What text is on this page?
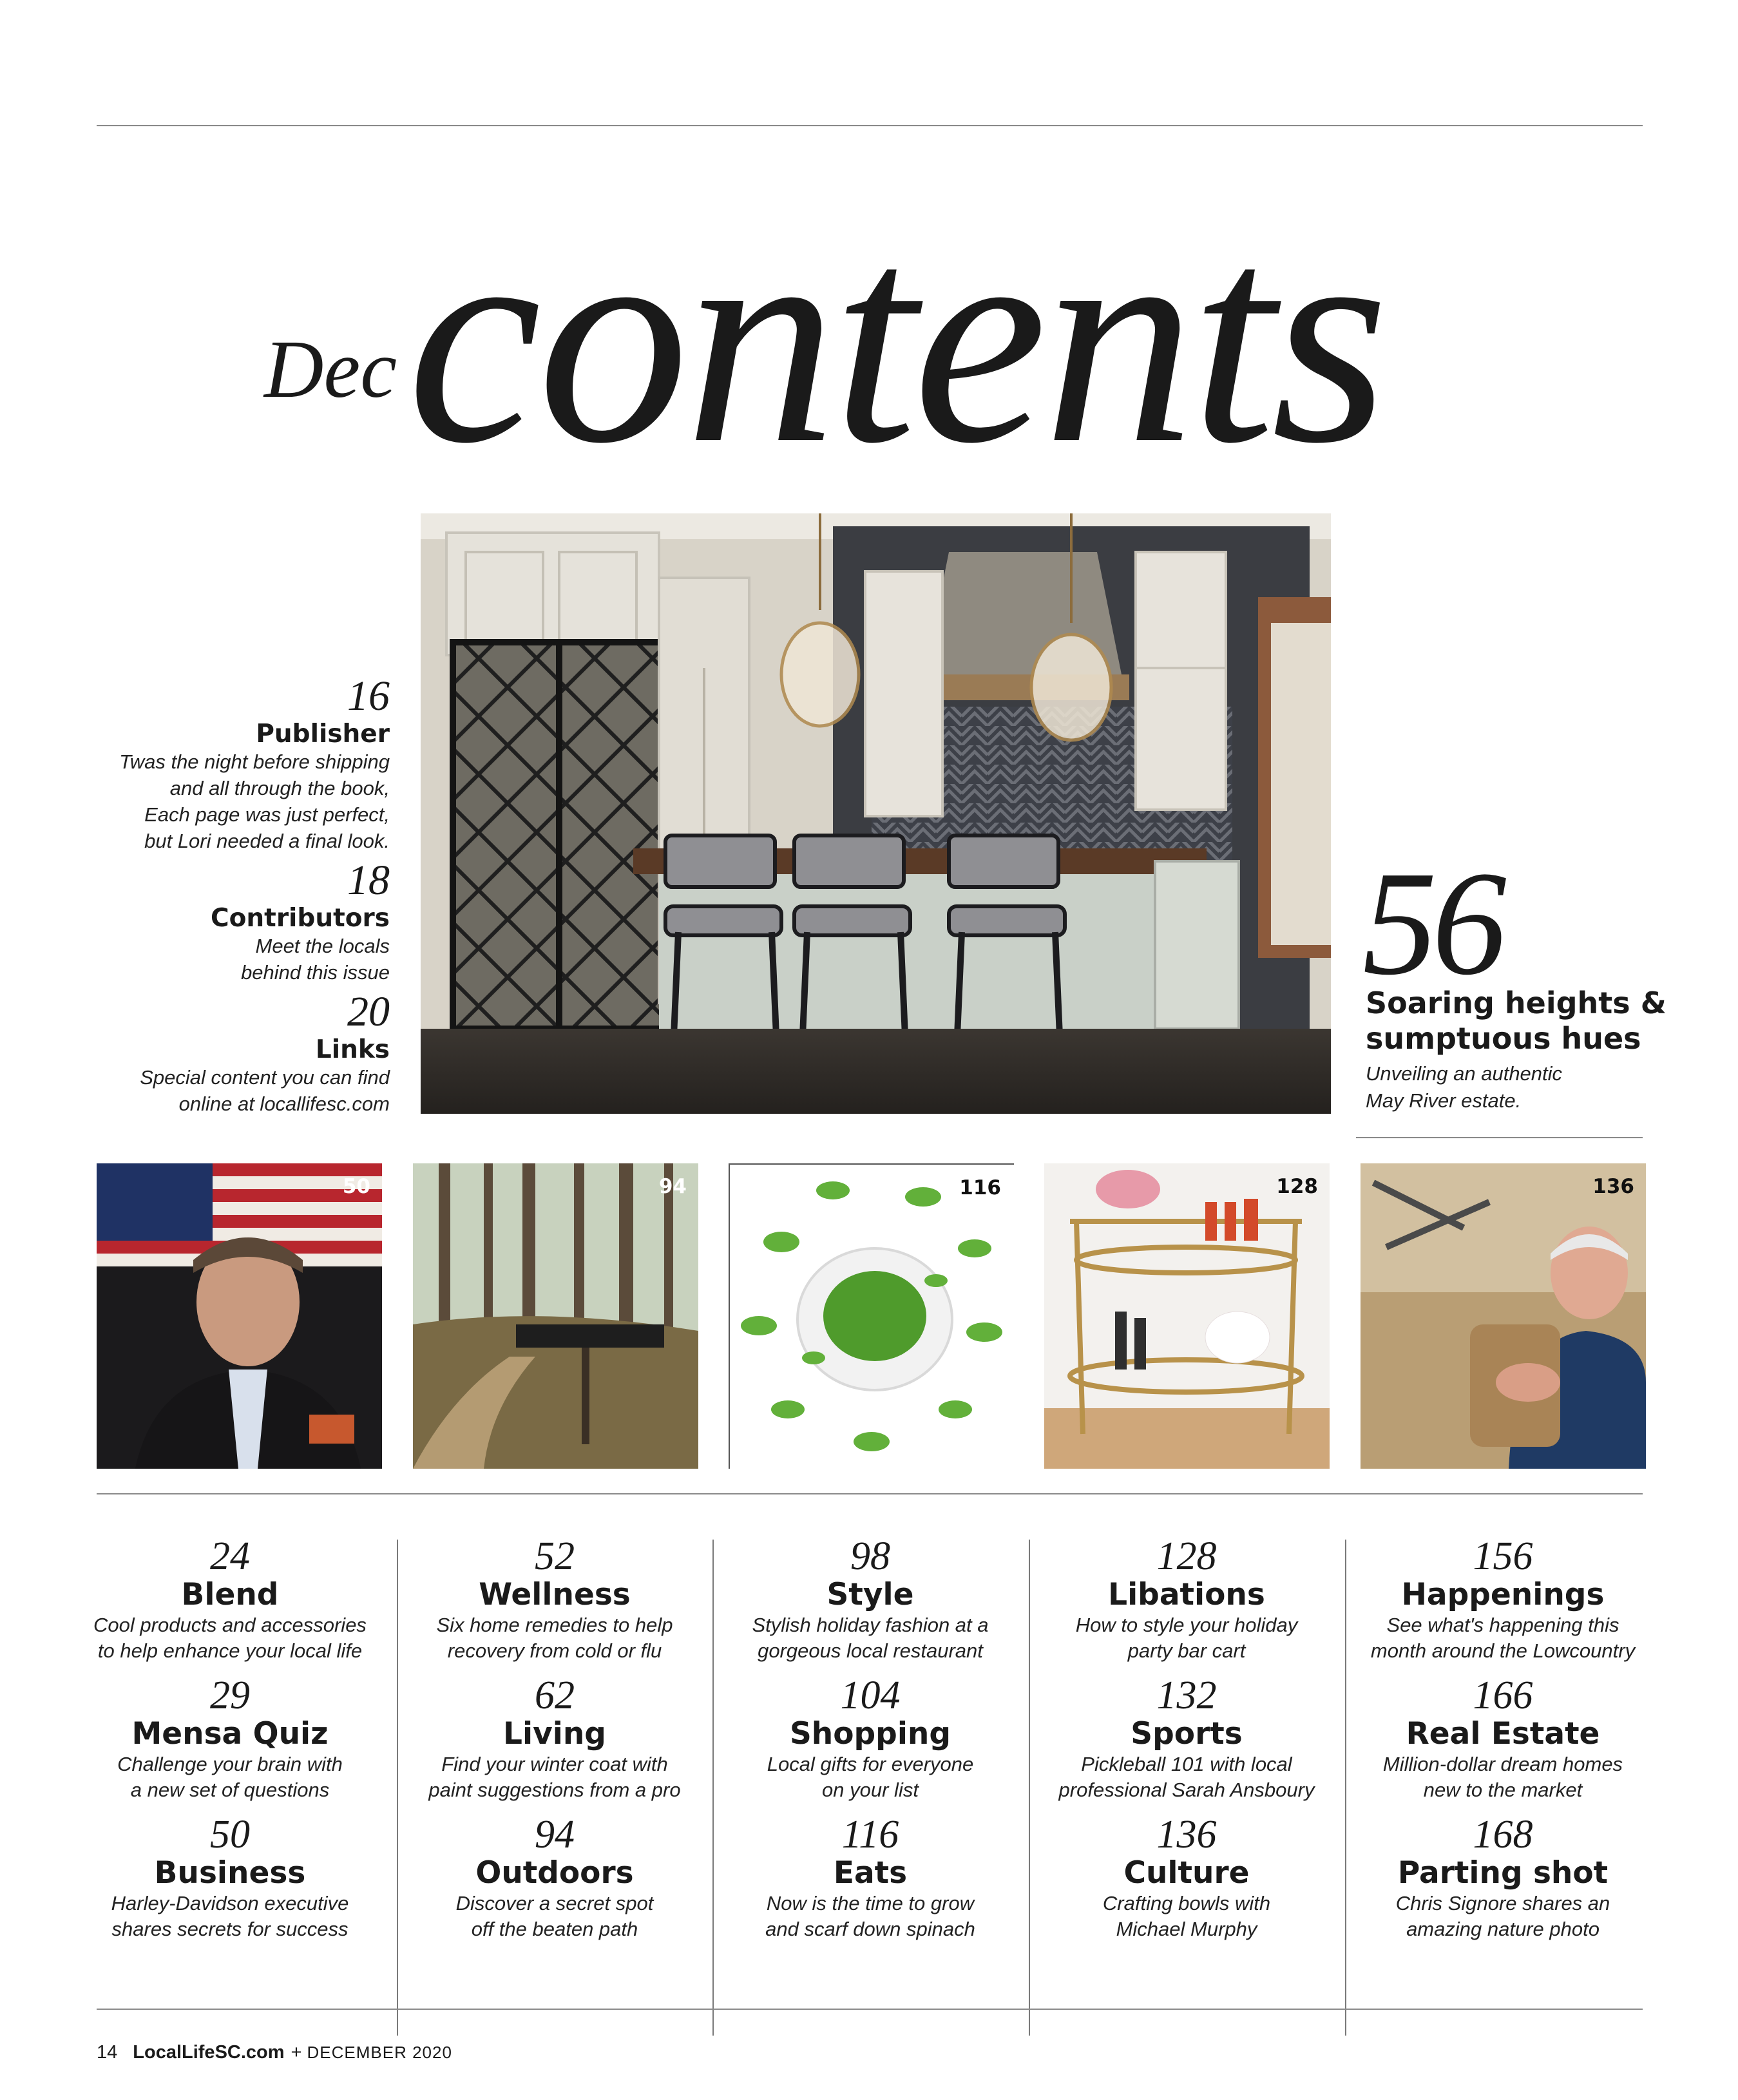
Dec contents
16
Publisher
Twas the night before shipping
and all through the book,
Each page was just perfect,
but Lori needed a final look.
18
Contributors
Meet the locals
behind this issue
20
Links
Special content you can find
online at locallifesc.com
56
Soaring heights &
sumptuous hues
Unveiling an authentic
May River estate.
50	94	116	128	136
24
Blend
Cool products and accessories
to help enhance your local life
29
Mensa Quiz
Challenge your brain with
a new set of questions
50
Business
Harley-Davidson executive
shares secrets for success
52
Wellness
Six home remedies to help
recovery from cold or flu
62
Living
Find your winter coat with
paint suggestions from a pro
94
Outdoors
Discover a secret spot
off the beaten path
98
Style
Stylish holiday fashion at a
gorgeous local restaurant
104
Shopping
Local gifts for everyone
on your list
116
Eats
Now is the time to grow
and scarf down spinach
128
Libations
How to style your holiday
party bar cart
132
Sports
Pickleball 101 with local
professional Sarah Ansboury
136
Culture
Crafting bowls with
Michael Murphy
156
Happenings
See what's happening this
month around the Lowcountry
166
Real Estate
Million-dollar dream homes
new to the market
168
Parting shot
Chris Signore shares an
amazing nature photo
14 LocalLifeSC.com + DECEMBER 2020
